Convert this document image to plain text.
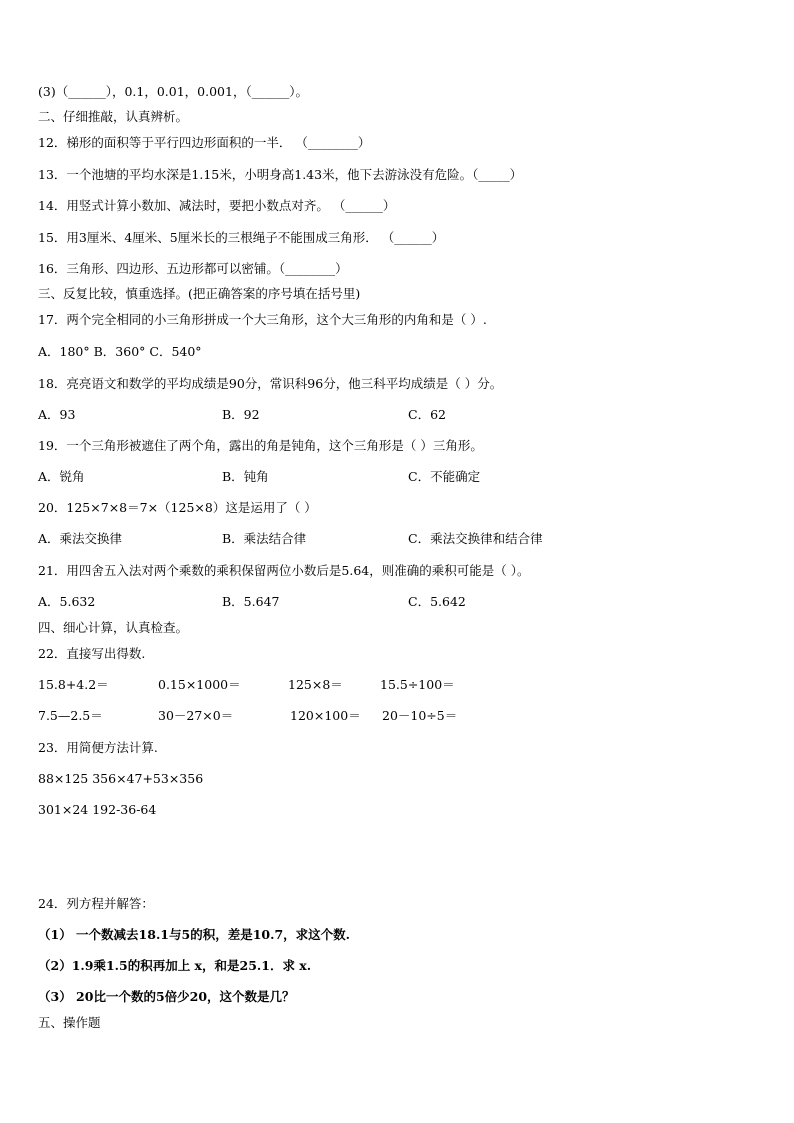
(3)（______），0.1，0.01，0.001，（______）。
二、仔细推敲，认真辨析。
12．梯形的面积等于平行四边形面积的一半． （________）
13．一个池塘的平均水深是1.15米，小明身高1.43米，他下去游泳没有危险。（_____）
14．用竖式计算小数加、减法时，要把小数点对齐。 （______）
15．用3厘米、4厘米、5厘米长的三根绳子不能围成三角形． （______）
16．三角形、四边形、五边形都可以密铺。（________）
三、反复比较，慎重选择。(把正确答案的序号填在括号里)
17．两个完全相同的小三角形拼成一个大三角形，这个大三角形的内角和是（ ）.
A．180° B．360° C．540°
18．亮亮语文和数学的平均成绩是90分，常识科96分，他三科平均成绩是（ ）分。
A．93	B．92	C．62
19．一个三角形被遮住了两个角，露出的角是钝角，这个三角形是（ ）三角形。
A．锐角	B．钝角	C．不能确定
20．125×7×8＝7×（125×8）这是运用了（ ）
A．乘法交换律	B．乘法结合律	C．乘法交换律和结合律
21．用四舍五入法对两个乘数的乘积保留两位小数后是5.64，则准确的乘积可能是（ ）。
A．5.632	B．5.647	C．5.642
四、细心计算，认真检查。
22．直接写出得数.
15.8+4.2＝	0.15×1000＝	125×8＝	15.5÷100＝
7.5—2.5＝	30－27×0＝	120×100＝ 20－10÷5＝
23．用简便方法计算.
88×125 356×47+53×356
301×24 192-36-64
24．列方程并解答：
（1） 一个数减去18.1与5的积，差是10.7，求这个数.
（2）1.9乘1.5的积再加上 x，和是25.1．求 x.
（3） 20比一个数的5倍少20，这个数是几？
五、操作题
